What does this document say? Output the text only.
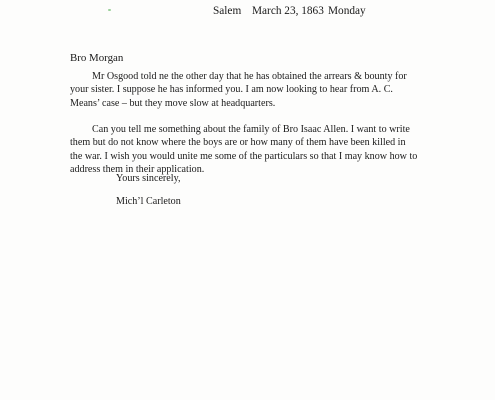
Salem March 23, 1863 Monday
Bro Morgan

Mr Osgood told ne the other day that he has obtained the arrears & bounty for your sister. I suppose he has informed you. I am now looking to hear from A. C. Means’ case – but they move slow at headquarters.

Can you tell me something about the family of Bro Isaac Allen. I want to write them but do not know where the boys are or how many of them have been killed in the war. I wish you would unite me some of the particulars so that I may know how to address them in their application.

Yours sincerely,
Mich’l Carleton
